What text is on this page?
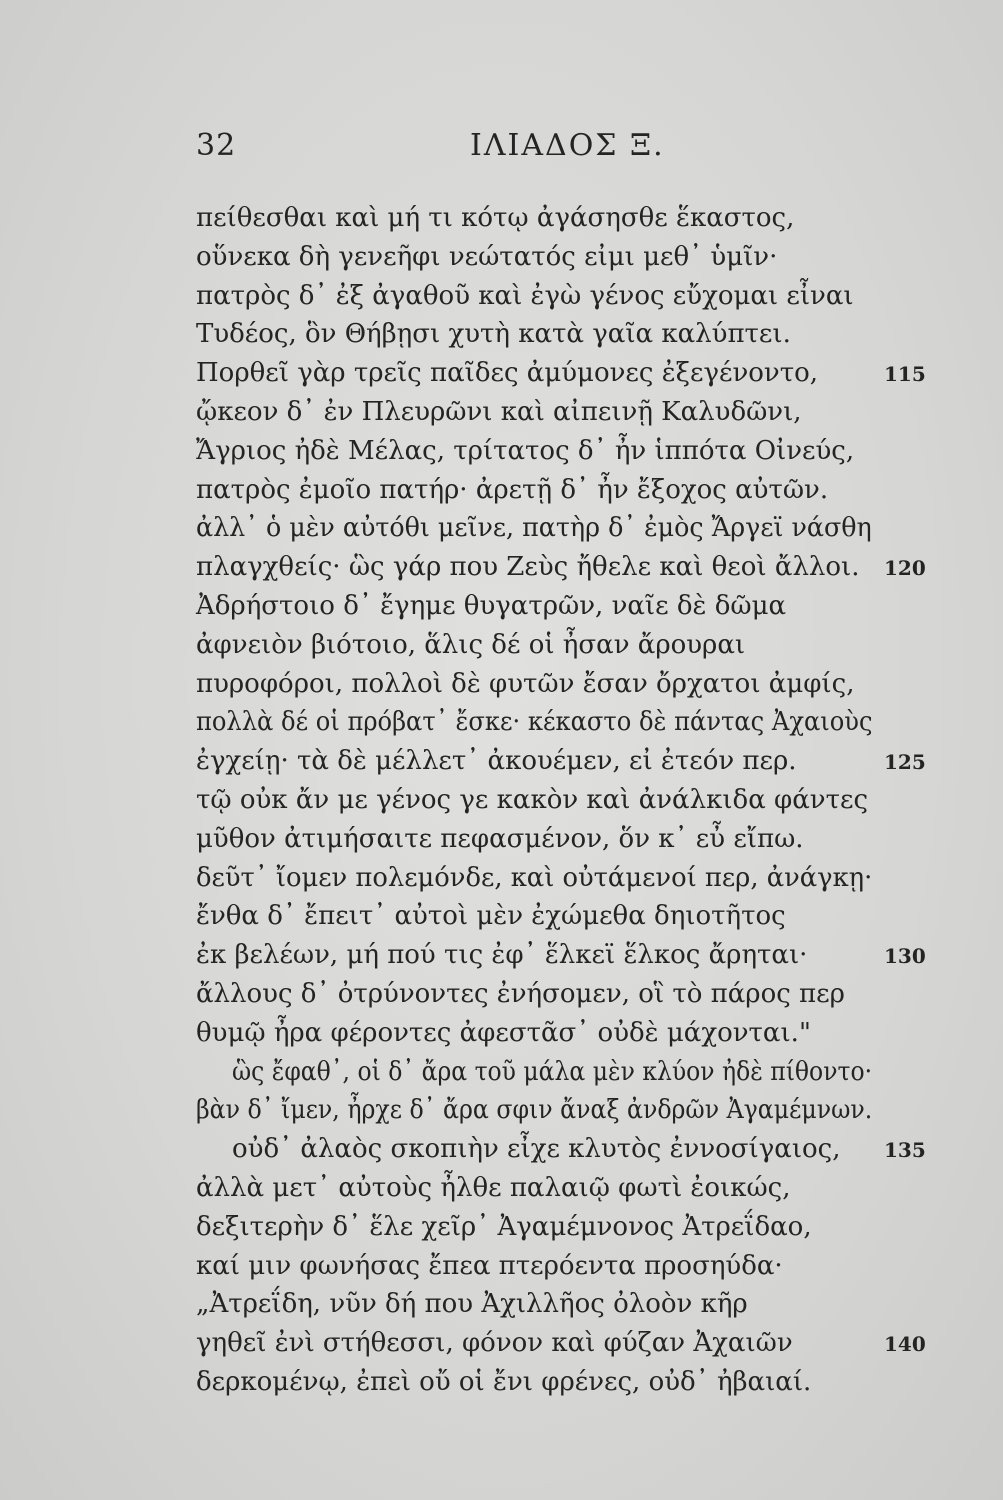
32	ΙΛΙΑΔΟΣ Ξ.
πείθεσθαι καὶ μή τι κότῳ ἀγάσησθε ἕκαστος,
οὕνεκα δὴ γενεῆφι νεώτατός εἰμι μεθ᾽ ὑμῖν·
πατρὸς δ᾽ ἐξ ἀγαθοῦ καὶ ἐγὼ γένος εὔχομαι εἶναι
Τυδέος, ὃν Θήβῃσι χυτὴ κατὰ γαῖα καλύπτει.
Πορθεῖ γὰρ τρεῖς παῖδες ἀμύμονες ἐξεγένοντο,	115
ᾤκεον δ᾽ ἐν Πλευρῶνι καὶ αἰπεινῇ Καλυδῶνι,
Ἄγριος ἠδὲ Μέλας, τρίτατος δ᾽ ἦν ἱππότα Οἰνεύς,
πατρὸς ἐμοῖο πατήρ· ἀρετῇ δ᾽ ἦν ἔξοχος αὐτῶν.
ἀλλ᾽ ὁ μὲν αὐτόθι μεῖνε, πατὴρ δ᾽ ἐμὸς Ἄργεϊ νάσθη
πλαγχθείς· ὣς γάρ που Ζεὺς ἤθελε καὶ θεοὶ ἄλλοι. 120
Ἀδρήστοιο δ᾽ ἔγημε θυγατρῶν, ναῖε δὲ δῶμα
ἀφνειὸν βιότοιο, ἅλις δέ οἱ ἦσαν ἄρουραι
πυροφόροι, πολλοὶ δὲ φυτῶν ἔσαν ὄρχατοι ἀμφίς,
πολλὰ δέ οἱ πρόβατ᾽ ἔσκε· κέκαστο δὲ πάντας Ἀχαιοὺς
ἐγχείῃ· τὰ δὲ μέλλετ᾽ ἀκουέμεν, εἰ ἐτεόν περ.	125
τῷ οὐκ ἄν με γένος γε κακὸν καὶ ἀνάλκιδα φάντες
μῦθον ἀτιμήσαιτε πεφασμένον, ὅν κ᾽ εὖ εἴπω.
δεῦτ᾽ ἴομεν πολεμόνδε, καὶ οὐτάμενοί περ, ἀνάγκῃ·
ἔνθα δ᾽ ἔπειτ᾽ αὐτοὶ μὲν ἐχώμεθα δηιοτῆτος
ἐκ βελέων, μή πού τις ἐφ᾽ ἕλκεϊ ἕλκος ἄρηται·	130
ἄλλους δ᾽ ὀτρύνοντες ἐνήσομεν, οἳ τὸ πάρος περ
θυμῷ ἦρα φέροντες ἀφεστᾶσ᾽ οὐδὲ μάχονται."
ὣς ἔφαθ᾽, οἱ δ᾽ ἄρα τοῦ μάλα μὲν κλύον ἠδὲ πίθοντο·
βὰν δ᾽ ἴμεν, ἦρχε δ᾽ ἄρα σφιν ἄναξ ἀνδρῶν Ἀγαμέμνων.
οὐδ᾽ ἀλαὸς σκοπιὴν εἶχε κλυτὸς ἐννοσίγαιος, 135
ἀλλὰ μετ᾽ αὐτοὺς ἦλθε παλαιῷ φωτὶ ἐοικώς,
δεξιτερὴν δ᾽ ἕλε χεῖρ᾽ Ἀγαμέμνονος Ἀτρεΐδαο,
καί μιν φωνήσας ἔπεα πτερόεντα προσηύδα·
„Ἀτρεΐδη, νῦν δή που Ἀχιλλῆος ὀλοὸν κῆρ
γηθεῖ ἐνὶ στήθεσσι, φόνον καὶ φύζαν Ἀχαιῶν	140
δερκομένῳ, ἐπεὶ οὔ οἱ ἔνι φρένες, οὐδ᾽ ἠβαιαί.
